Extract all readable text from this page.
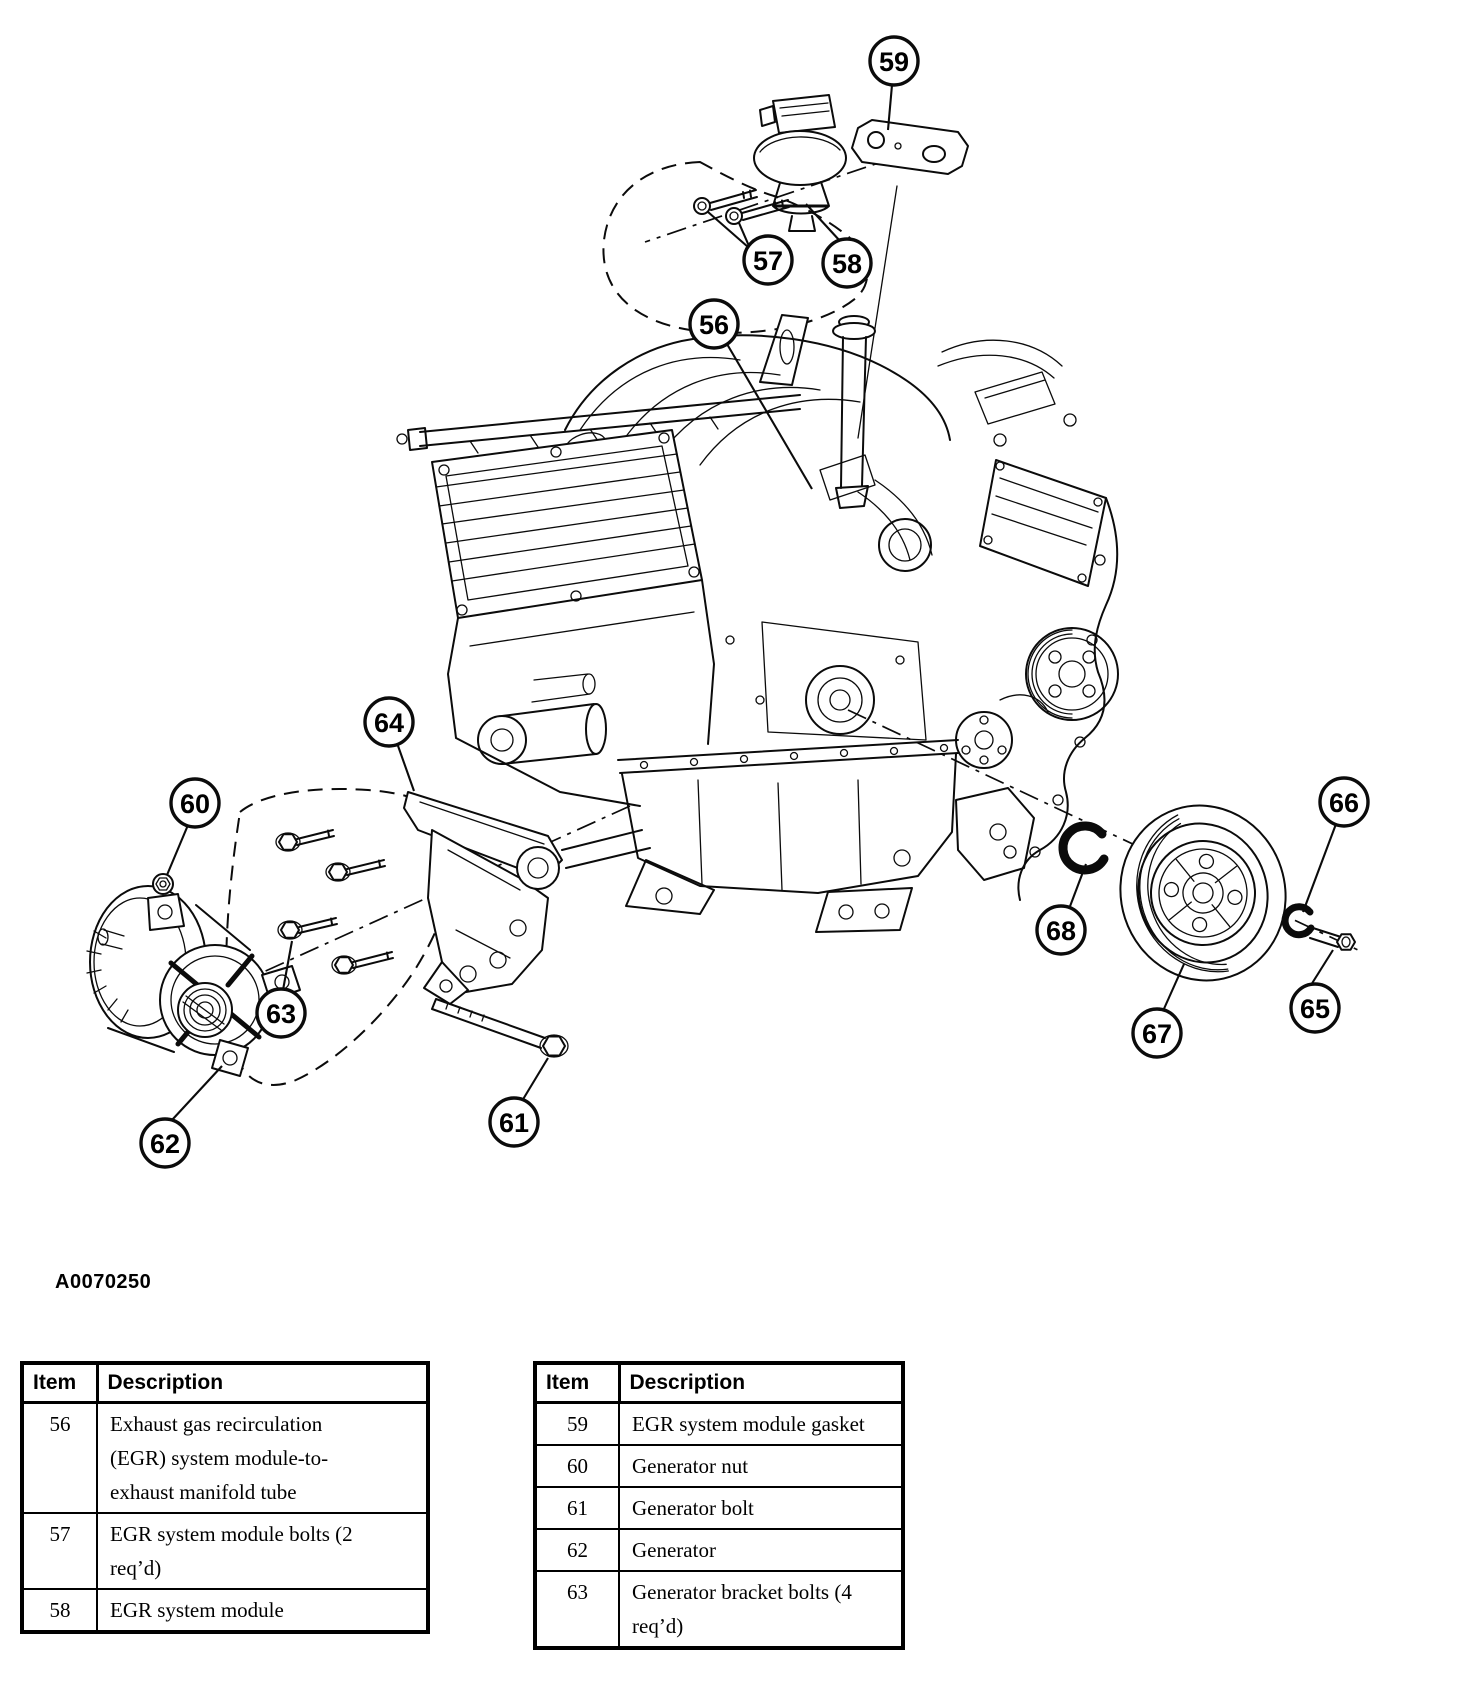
56
57 58
59
60
61
62
63
64
65
66
67
68
A0070250
Item	Description
56	Exhaust gas recirculation (EGR) system module-to-exhaust manifold tube
57	EGR system module bolts (2 req’d)
58	EGR system module
Item	Description
59	EGR system module gasket
60	Generator nut
61	Generator bolt
62	Generator
63	Generator bracket bolts (4 req’d)
